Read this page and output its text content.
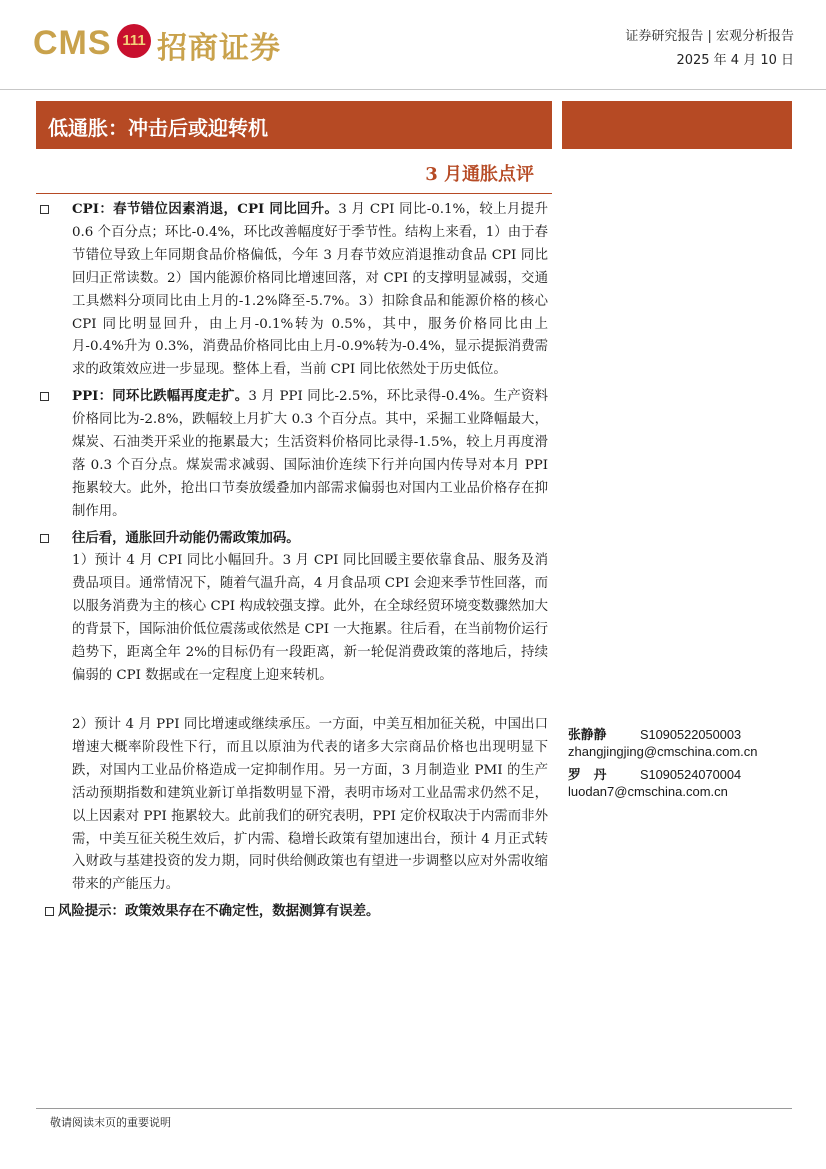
CMS 111 招商证券	证券研究报告 | 宏观分析报告
2025 年 4 月 10 日
低通胀：冲击后或迎转机
3 月通胀点评
CPI：春节错位因素消退，CPI 同比回升。3 月 CPI 同比-0.1%，较上月提升 0.6 个百分点；环比-0.4%，环比改善幅度好于季节性。结构上来看，1）由于春节错位导致上年同期食品价格偏低，今年 3 月春节效应消退推动食品 CPI 同比回归正常读数。2）国内能源价格同比增速回落，对 CPI 的支撑明显减弱，交通工具燃料分项同比由上月的-1.2%降至-5.7%。3）扣除食品和能源价格的核心 CPI 同比明显回升，由上月-0.1%转为 0.5%，其中，服务价格同比由上月-0.4%升为 0.3%，消费品价格同比由上月-0.9%转为-0.4%，显示提振消费需求的政策效应进一步显现。整体上看，当前 CPI 同比依然处于历史低位。
PPI：同环比跌幅再度走扩。3 月 PPI 同比-2.5%，环比录得-0.4%。生产资料价格同比为-2.8%，跌幅较上月扩大 0.3 个百分点。其中，采掘工业降幅最大，煤炭、石油类开采业的拖累最大；生活资料价格同比录得-1.5%，较上月再度滑落 0.3 个百分点。煤炭需求减弱、国际油价连续下行并向国内传导对本月 PPI 拖累较大。此外，抢出口节奏放缓叠加内部需求偏弱也对国内工业品价格存在抑制作用。
往后看，通胀回升动能仍需政策加码。
1）预计 4 月 CPI 同比小幅回升。3 月 CPI 同比回暖主要依靠食品、服务及消费品项目。通常情况下，随着气温升高，4 月食品项 CPI 会迎来季节性回落，而以服务消费为主的核心 CPI 构成较强支撑。此外，在全球经贸环境变数骤然加大的背景下，国际油价低位震荡或依然是 CPI 一大拖累。往后看，在当前物价运行趋势下，距离全年 2%的目标仍有一段距离，新一轮促消费政策的落地后，持续偏弱的 CPI 数据或在一定程度上迎来转机。
2）预计 4 月 PPI 同比增速或继续承压。一方面，中美互相加征关税，中国出口增速大概率阶段性下行，而且以原油为代表的诸多大宗商品价格也出现明显下跌，对国内工业品价格造成一定抑制作用。另一方面，3 月制造业 PMI 的生产活动预期指数和建筑业新订单指数明显下滑，表明市场对工业品需求仍然不足，以上因素对 PPI 拖累较大。此前我们的研究表明，PPI 定价权取决于内需而非外需，中美互征关税生效后，扩内需、稳增长政策有望加速出台，预计 4 月正式转入财政与基建投资的发力期，同时供给侧政策也有望进一步调整以应对外需收缩带来的产能压力。
风险提示：政策效果存在不确定性，数据测算有误差。
张静静	S1090522050003
zhangjingjing@cmschina.com.cn
罗　丹	S1090524070004
luodan7@cmschina.com.cn
敬请阅读末页的重要说明
